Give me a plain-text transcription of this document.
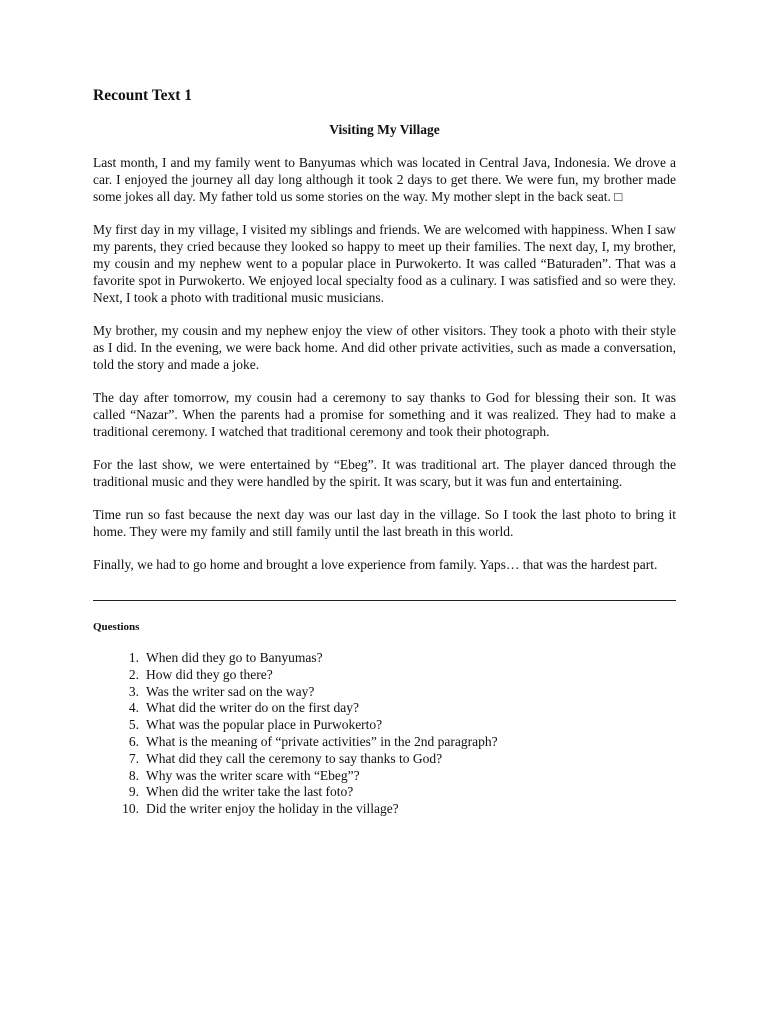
Recount Text 1
Visiting My Village

Last month, I and my family went to Banyumas which was located in Central Java, Indonesia. We drove a car. I enjoyed the journey all day long although it took 2 days to get there. We were fun, my brother made some jokes all day. My father told us some stories on the way. My mother slept in the back seat. □

My first day in my village, I visited my siblings and friends. We are welcomed with happiness. When I saw my parents, they cried because they looked so happy to meet up their families. The next day, I, my brother, my cousin and my nephew went to a popular place in Purwokerto. It was called “Baturaden”. That was a favorite spot in Purwokerto. We enjoyed local specialty food as a culinary. I was satisfied and so were they. Next, I took a photo with traditional music musicians.

My brother, my cousin and my nephew enjoy the view of other visitors. They took a photo with their style as I did. In the evening, we were back home. And did other private activities, such as made a conversation, told the story and made a joke.

The day after tomorrow, my cousin had a ceremony to say thanks to God for blessing their son. It was called “Nazar”. When the parents had a promise for something and it was realized. They had to make a traditional ceremony. I watched that traditional ceremony and took their photograph.

For the last show, we were entertained by “Ebeg”. It was traditional art. The player danced through the traditional music and they were handled by the spirit. It was scary, but it was fun and entertaining.

Time run so fast because the next day was our last day in the village. So I took the last photo to bring it home. They were my family and still family until the last breath in this world.

Finally, we had to go home and brought a love experience from family. Yaps… that was the hardest part.

Questions
1. When did they go to Banyumas?
2. How did they go there?
3. Was the writer sad on the way?
4. What did the writer do on the first day?
5. What was the popular place in Purwokerto?
6. What is the meaning of “private activities” in the 2nd paragraph?
7. What did they call the ceremony to say thanks to God?
8. Why was the writer scare with “Ebeg”?
9. When did the writer take the last foto?
10. Did the writer enjoy the holiday in the village?
